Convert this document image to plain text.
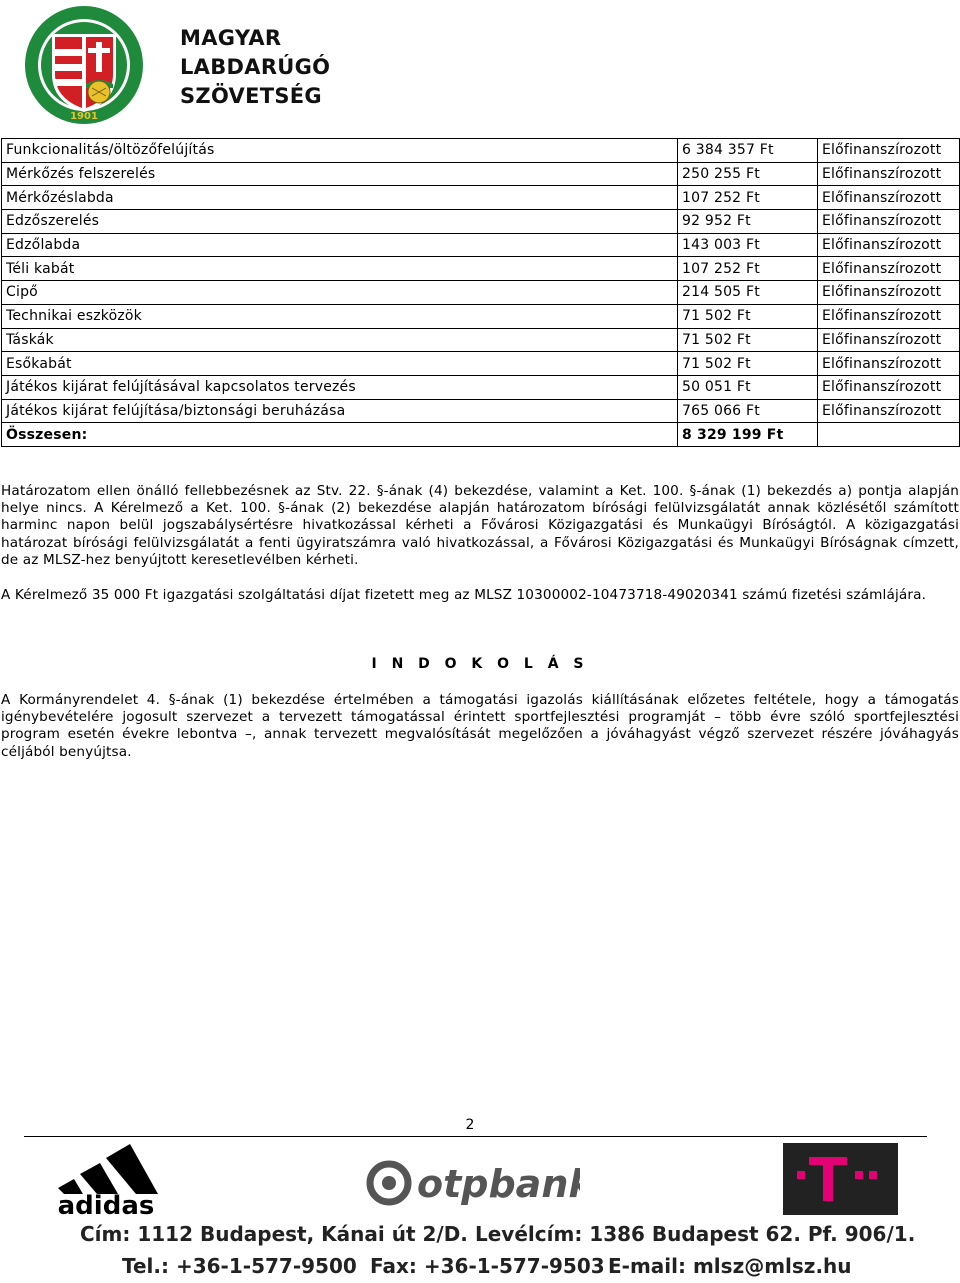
1901
MAGYAR
LABDARÚGÓ
SZÖVETSÉG
Funkcionalitás/öltözőfelújítás	6 384 357 Ft	Előfinanszírozott
Mérkőzés felszerelés	250 255 Ft	Előfinanszírozott
Mérkőzéslabda	107 252 Ft	Előfinanszírozott
Edzőszerelés	92 952 Ft	Előfinanszírozott
Edzőlabda	143 003 Ft	Előfinanszírozott
Téli kabát	107 252 Ft	Előfinanszírozott
Cipő	214 505 Ft	Előfinanszírozott
Technikai eszközök	71 502 Ft	Előfinanszírozott
Táskák	71 502 Ft	Előfinanszírozott
Esőkabát	71 502 Ft	Előfinanszírozott
Játékos kijárat felújításával kapcsolatos tervezés	50 051 Ft	Előfinanszírozott
Játékos kijárat felújítása/biztonsági beruházása	765 066 Ft	Előfinanszírozott
Összesen:	8 329 199 Ft	
Határozatom ellen önálló fellebbezésnek az Stv. 22. §-ának (4) bekezdése, valamint a Ket. 100. §-ának (1) bekezdés a) pontja alapján helye nincs. A Kérelmező a Ket. 100. §-ának (2) bekezdése alapján határozatom bírósági felülvizsgálatát annak közlésétől számított harminc napon belül jogszabálysértésre hivatkozással kérheti a Fővárosi Közigazgatási és Munkaügyi Bíróságtól. A közigazgatási határozat bírósági felülvizsgálatát a fenti ügyiratszámra való hivatkozással, a Fővárosi Közigazgatási és Munkaügyi Bíróságnak címzett, de az MLSZ-hez benyújtott keresetlevélben kérheti.
A Kérelmező 35 000 Ft igazgatási szolgáltatási díjat fizetett meg az MLSZ 10300002-10473718-49020341 számú fizetési számlájára.
I N D O K O L Á S
A Kormányrendelet 4. §-ának (1) bekezdése értelmében a támogatási igazolás kiállításának előzetes feltétele, hogy a támogatás igénybevételére jogosult szervezet a tervezett támogatással érintett sportfejlesztési programját – több évre szóló sportfejlesztési program esetén évekre lebontva –, annak tervezett megvalósítását megelőzően a jóváhagyást végző szervezet részére jóváhagyás céljából benyújtsa.
2
adidas	otpbank
Cím: 1112 Budapest, Kánai út 2/D. Levélcím: 1386 Budapest 62. Pf. 906/1.
Tel.: +36-1-577-9500 Fax: +36-1-577-9503 E-mail: mlsz@mlsz.hu
